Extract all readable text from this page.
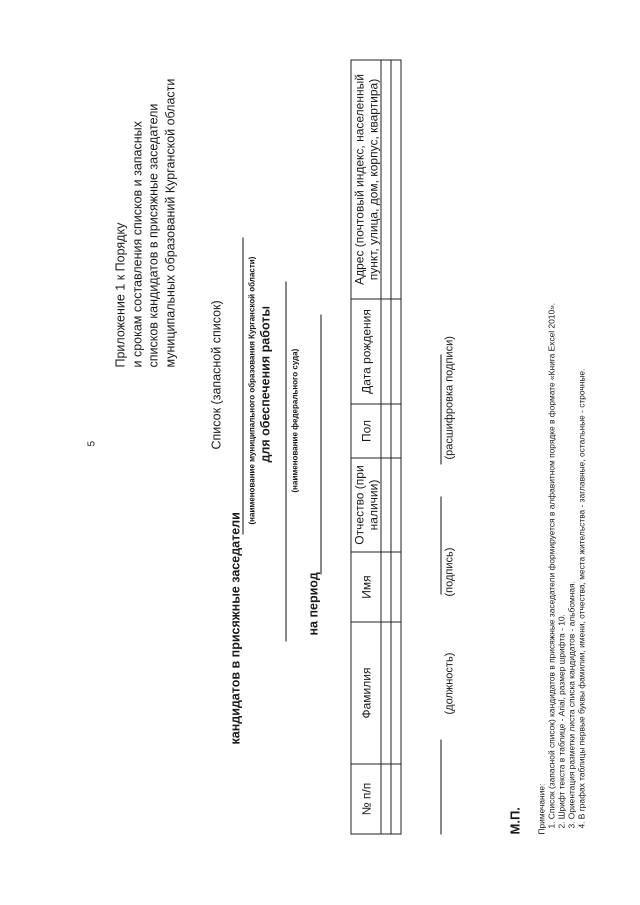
5
Приложение 1 к Порядку и срокам составления списков и запасных списков кандидатов в присяжные заседатели муниципальных образований Курганской области
Список (запасной список)
кандидатов в присяжные заседатели
(наименование муниципального образования Курганской области) для обеспечения работы (наименование федерального суда)
на период
№ п/п	Фамилия	Имя	Отчество (при наличии)	Пол	Дата рождения	Адрес (почтовый индекс, населенный пункт, улица, дом, корпус, квартира)

(должность)
(подпись)
(расшифровка подписи)
М.П. Примечание: 1. Список (запасной список) кандидатов в присяжные заседатели формируется в алфавитном порядке в формате «Книга Excel 2010». 2. Шрифт текста в таблице - Arial, размер шрифта - 10. 3. Ориентация разметки листа списка кандидатов - альбомная. 4. В графах таблицы первые буквы фамилии, имени, отчества, места жительства - заглавные, остальные - строчные.
